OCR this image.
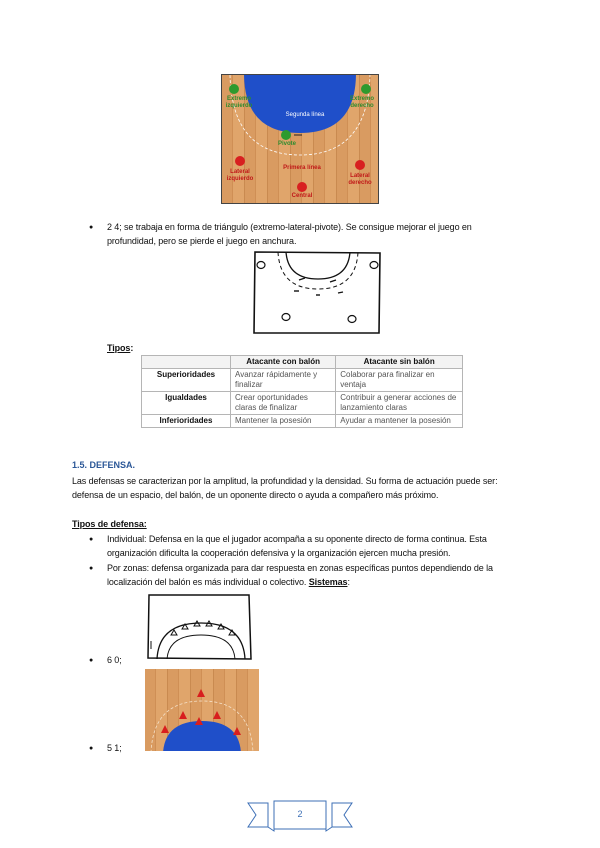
Extremo izquierdo
Segunda línea
Extremo derecho
Pivote
Primera línea
Lateral izquierdo	Lateral derecho
Central
● 2 4; se trabaja en forma de triángulo (extremo-lateral-pivote). Se consigue mejorar el juego en profundidad, pero se pierde el juego en anchura.
Tipos:
	Atacante con balón	Atacante sin balón
Superioridades	Avanzar rápidamente y finalizar	Colaborar para finalizar en ventaja
Igualdades	Crear oportunidades claras de finalizar	Contribuir a generar acciones de lanzamiento claras
Inferioridades	Mantener la posesión	Ayudar a mantener la posesión
1.5. DEFENSA.
Las defensas se caracterizan por la amplitud, la profundidad y la densidad. Su forma de actuación puede ser: defensa de un espacio, del balón, de un oponente directo o ayuda a compañero más próximo.
Tipos de defensa:
● Individual: Defensa en la que el jugador acompaña a su oponente directo de forma continua. Esta organización dificulta la cooperación defensiva y la organización ejercen mucha presión.
● Por zonas: defensa organizada para dar respuesta en zonas específicas puntos dependiendo de la localización del balón es más individual o colectivo. Sistemas:
● 6 0;
● 5 1;
2
